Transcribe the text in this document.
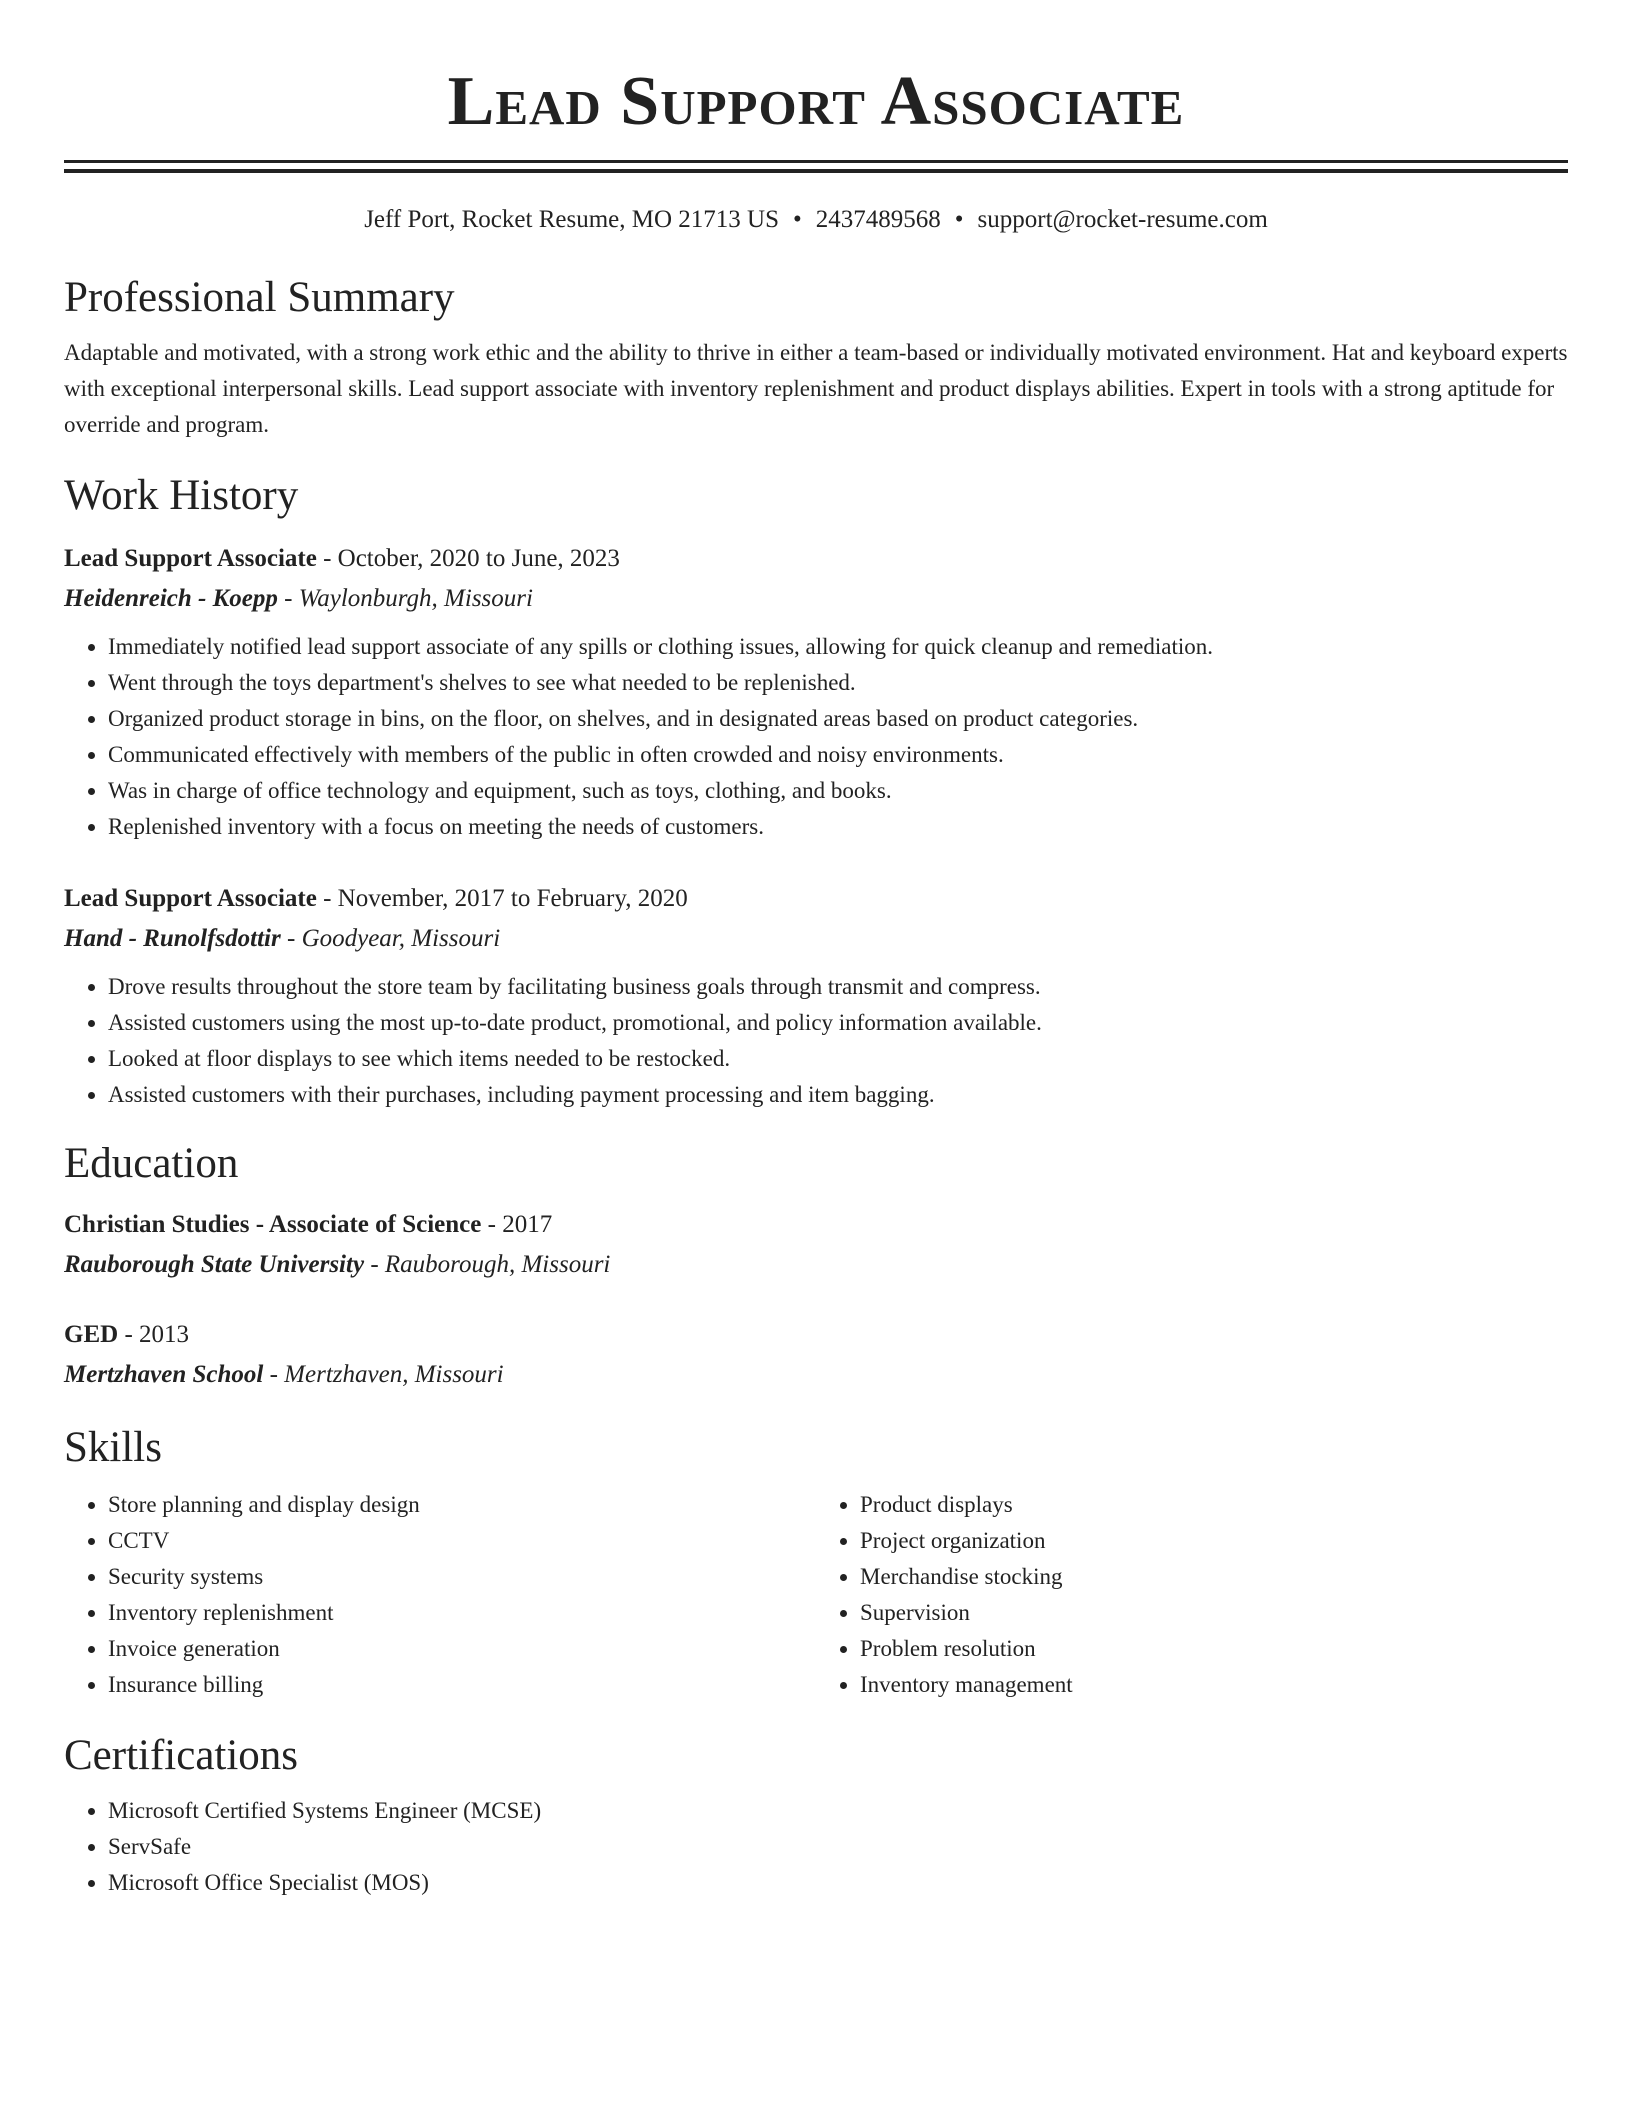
Lead Support Associate
Jeff Port, Rocket Resume, MO 21713 US • 2437489568 • support@rocket-resume.com
Professional Summary
Adaptable and motivated, with a strong work ethic and the ability to thrive in either a team-based or individually motivated environment. Hat and keyboard experts with exceptional interpersonal skills. Lead support associate with inventory replenishment and product displays abilities. Expert in tools with a strong aptitude for override and program.
Work History
Lead Support Associate - October, 2020 to June, 2023
Heidenreich - Koepp - Waylonburgh, Missouri
• Immediately notified lead support associate of any spills or clothing issues, allowing for quick cleanup and remediation.
• Went through the toys department's shelves to see what needed to be replenished.
• Organized product storage in bins, on the floor, on shelves, and in designated areas based on product categories.
• Communicated effectively with members of the public in often crowded and noisy environments.
• Was in charge of office technology and equipment, such as toys, clothing, and books.
• Replenished inventory with a focus on meeting the needs of customers.
Lead Support Associate - November, 2017 to February, 2020
Hand - Runolfsdottir - Goodyear, Missouri
• Drove results throughout the store team by facilitating business goals through transmit and compress.
• Assisted customers using the most up-to-date product, promotional, and policy information available.
• Looked at floor displays to see which items needed to be restocked.
• Assisted customers with their purchases, including payment processing and item bagging.
Education
Christian Studies - Associate of Science - 2017
Rauborough State University - Rauborough, Missouri
GED - 2013
Mertzhaven School - Mertzhaven, Missouri
Skills
• Store planning and display design
• CCTV
• Security systems
• Inventory replenishment
• Invoice generation
• Insurance billing
• Product displays
• Project organization
• Merchandise stocking
• Supervision
• Problem resolution
• Inventory management
Certifications
• Microsoft Certified Systems Engineer (MCSE)
• ServSafe
• Microsoft Office Specialist (MOS)
